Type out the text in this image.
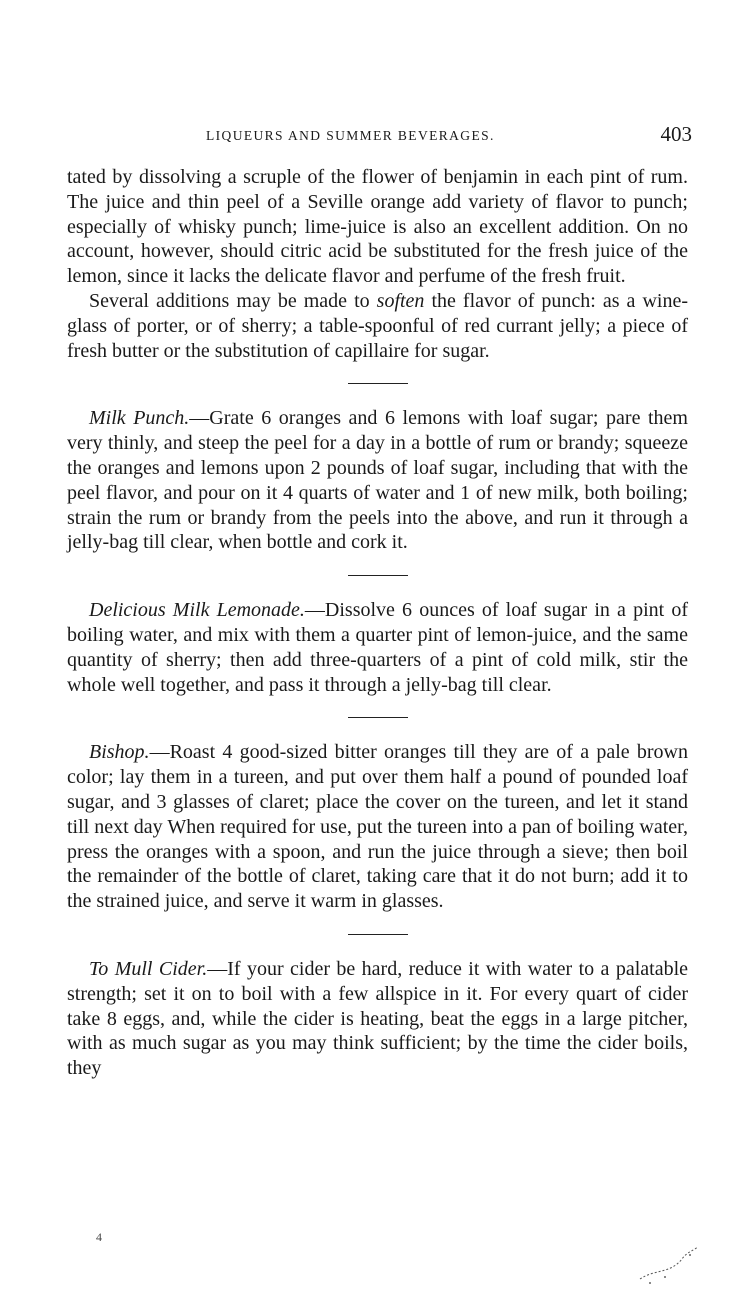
LIQUEURS AND SUMMER BEVERAGES.	403

tated by dissolving a scruple of the flower of benjamin in each pint of rum. The juice and thin peel of a Seville orange add variety of flavor to punch; especially of whisky punch; lime-juice is also an excellent addition. On no account, however, should citric acid be substituted for the fresh juice of the lemon, since it lacks the delicate flavor and perfume of the fresh fruit.

Several additions may be made to soften the flavor of punch: as a wine-glass of porter, or of sherry; a table-spoonful of red currant jelly; a piece of fresh butter or the substitution of capillaire for sugar.

Milk Punch.—Grate 6 oranges and 6 lemons with loaf sugar; pare them very thinly, and steep the peel for a day in a bottle of rum or brandy; squeeze the oranges and lemons upon 2 pounds of loaf sugar, including that with the peel flavor, and pour on it 4 quarts of water and 1 of new milk, both boiling; strain the rum or brandy from the peels into the above, and run it through a jelly-bag till clear, when bottle and cork it.

Delicious Milk Lemonade.—Dissolve 6 ounces of loaf sugar in a pint of boiling water, and mix with them a quarter pint of lemon-juice, and the same quantity of sherry; then add three-quarters of a pint of cold milk, stir the whole well together, and pass it through a jelly-bag till clear.

Bishop.—Roast 4 good-sized bitter oranges till they are of a pale brown color; lay them in a tureen, and put over them half a pound of pounded loaf sugar, and 3 glasses of claret; place the cover on the tureen, and let it stand till next day When required for use, put the tureen into a pan of boiling water, press the oranges with a spoon, and run the juice through a sieve; then boil the remainder of the bottle of claret, taking care that it do not burn; add it to the strained juice, and serve it warm in glasses.

To Mull Cider.—If your cider be hard, reduce it with water to a palatable strength; set it on to boil with a few allspice in it. For every quart of cider take 8 eggs, and, while the cider is heating, beat the eggs in a large pitcher, with as much sugar as you may think sufficient; by the time the cider boils, they

4
